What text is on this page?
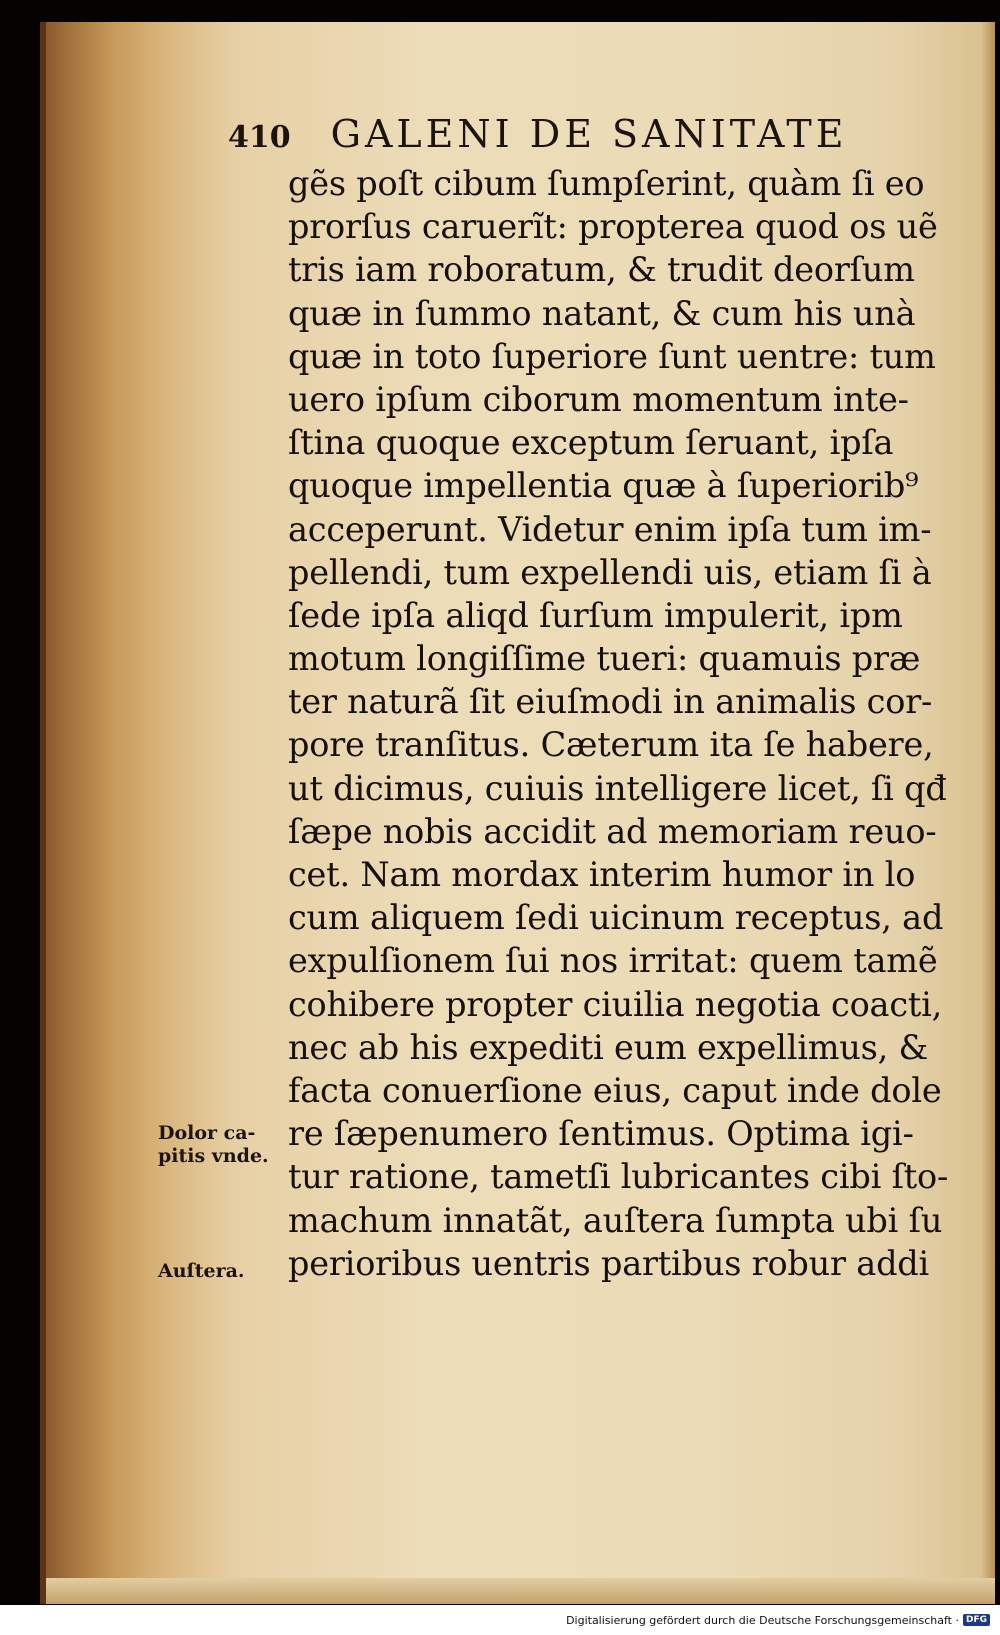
410 GALENI DE SANITATE
gẽs poſt cibum ſumpſerint, quàm ſi eo
prorſus caruerĩt: propterea quod os uẽ
tris iam roboratum, & trudit deorſum
quæ in ſummo natant, & cum his unà
quæ in toto ſuperiore ſunt uentre: tum
uero ipſum ciborum momentum inte-
ſtina quoque exceptum ſeruant, ipſa
quoque impellentia quæ à ſuperiorib⁹
acceperunt. Videtur enim ipſa tum im-
pellendi, tum expellendi uis, etiam ſi à
ſede ipſa aliqd ſurſum impulerit, ipm
motum longiſſime tueri: quamuis præ
ter naturã ſit eiuſmodi in animalis cor-
pore tranſitus. Cæterum ita ſe habere,
ut dicimus, cuiuis intelligere licet, ſi qđ
ſæpe nobis accidit ad memoriam reuo-
cet. Nam mordax interim humor in lo
cum aliquem ſedi uicinum receptus, ad
expulſionem ſui nos irritat: quem tamẽ
cohibere propter ciuilia negotia coacti,
nec ab his expediti eum expellimus, &
facta conuerſione eius, caput inde dole
re ſæpenumero ſentimus. Optima igi-
tur ratione, tametſi lubricantes cibi ſto-
machum innatãt, auſtera ſumpta ubi ſu
perioribus uentris partibus robur addi
Dolor ca-
pitis vnde.
Auſtera.
Digitalisierung gefördert durch die Deutsche Forschungsgemeinschaft · DFG
